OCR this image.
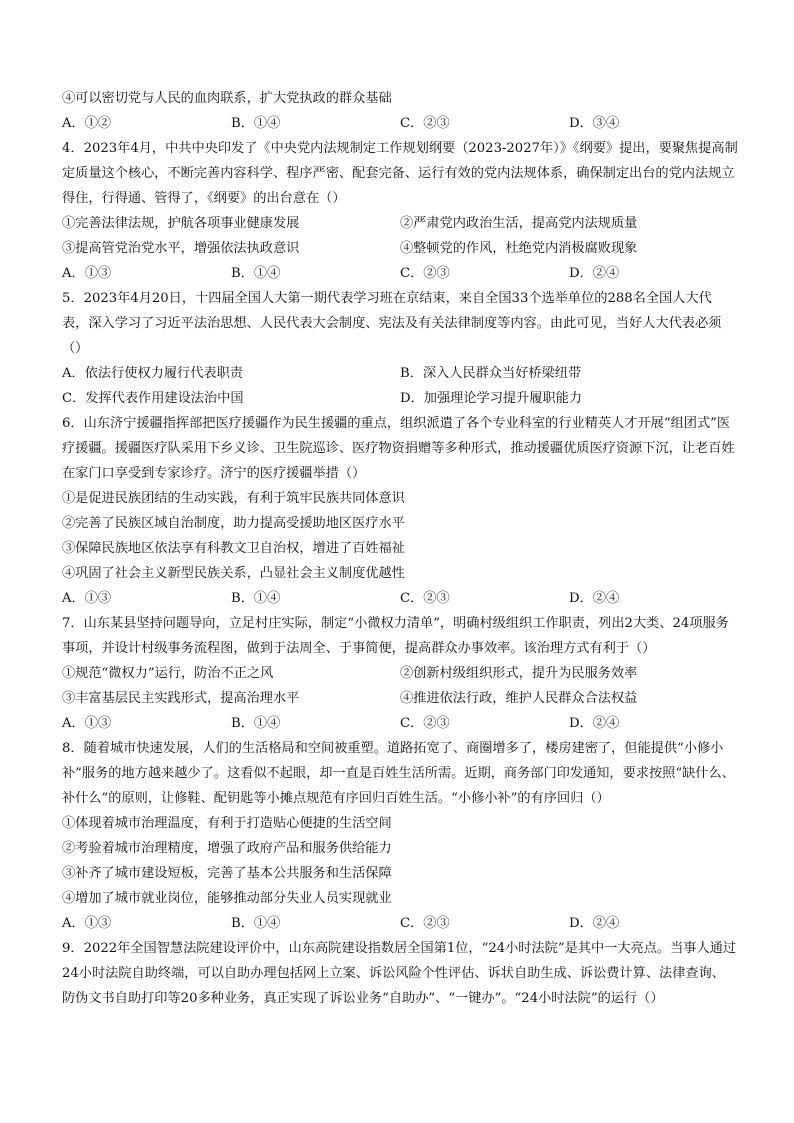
④可以密切党与人民的血肉联系，扩大党执政的群众基础
A．①②	B．①④	C．②③	D．③④
4．2023年4月，中共中央印发了《中央党内法规制定工作规划纲要（2023-2027年）》《纲要》提出，要聚焦提高制定质量这个核心，不断完善内容科学、程序严密、配套完备、运行有效的党内法规体系，确保制定出台的党内法规立得住，行得通、管得了，《纲要》的出台意在（）
①完善法律法规，护航各项事业健康发展	②严肃党内政治生活，提高党内法规质量
③提高管党治党水平，增强依法执政意识	④整顿党的作风，杜绝党内消极腐败现象
A．①③	B．①④	C．②③	D．②④
5．2023年4月20日，十四届全国人大第一期代表学习班在京结束，来自全国33个选举单位的288名全国人大代表，深入学习了习近平法治思想、人民代表大会制度、宪法及有关法律制度等内容。由此可见，当好人大代表必须（）
A．依法行使权力履行代表职责	B．深入人民群众当好桥梁纽带
C．发挥代表作用建设法治中国	D．加强理论学习提升履职能力
6．山东济宁援疆指挥部把医疗援疆作为民生援疆的重点，组织派遣了各个专业科室的行业精英人才开展“组团式”医疗援疆。援疆医疗队采用下乡义诊、卫生院巡诊、医疗物资捐赠等多种形式，推动援疆优质医疗资源下沉，让老百姓在家门口享受到专家诊疗。济宁的医疗援疆举措（）
①是促进民族团结的生动实践，有利于筑牢民族共同体意识
②完善了民族区域自治制度，助力提高受援助地区医疗水平
③保障民族地区依法享有科教文卫自治权，增进了百姓福祉
④巩固了社会主义新型民族关系，凸显社会主义制度优越性
A．①③	B．①④	C．②③	D．②④
7．山东某县坚持问题导向，立足村庄实际，制定“小微权力清单”，明确村级组织工作职责，列出2大类、24项服务事项，并设计村级事务流程图，做到于法周全、于事简便，提高群众办事效率。该治理方式有利于（）
①规范“微权力”运行，防治不正之风	②创新村级组织形式，提升为民服务效率
③丰富基层民主实践形式，提高治理水平	④推进依法行政，维护人民群众合法权益
A．①③	B．①④	C．②③	D．②④
8．随着城市快速发展，人们的生活格局和空间被重塑。道路拓宽了、商圈增多了，楼房建密了，但能提供“小修小补”服务的地方越来越少了。这看似不起眼，却一直是百姓生活所需。近期，商务部门印发通知，要求按照“缺什么、补什么”的原则，让修鞋、配钥匙等小摊点规范有序回归百姓生活。“小修小补”的有序回归（）
①体现着城市治理温度，有利于打造贴心便捷的生活空间
②考验着城市治理精度，增强了政府产品和服务供给能力
③补齐了城市建设短板，完善了基本公共服务和生活保障
④增加了城市就业岗位，能够推动部分失业人员实现就业
A．①③	B．①④	C．②③	D．②④
9．2022年全国智慧法院建设评价中，山东高院建设指数居全国第1位，“24小时法院”是其中一大亮点。当事人通过24小时法院自助终端，可以自助办理包括网上立案、诉讼风险个性评估、诉状自助生成、诉讼费计算、法律查询、防伪文书自助打印等20多种业务，真正实现了诉讼业务“自助办”、“一键办”。“24小时法院”的运行（）
